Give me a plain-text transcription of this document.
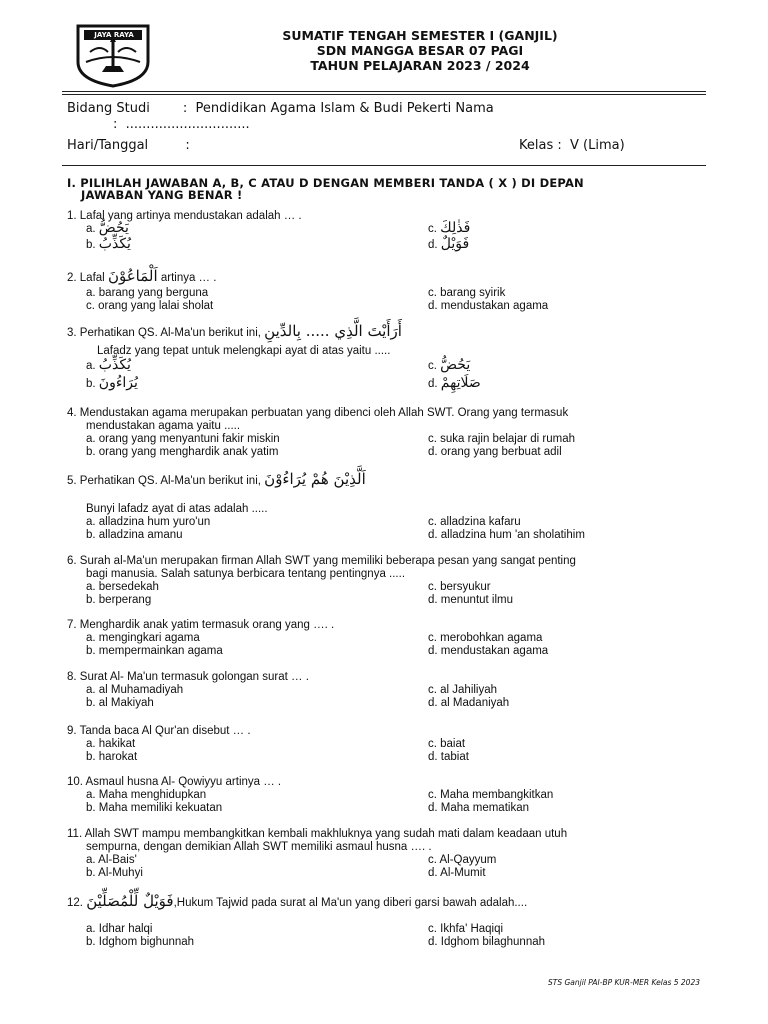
JAYA RAYA	SUMATIF TENGAH SEMESTER I (GANJIL)
SDN MANGGA BESAR 07 PAGI
TAHUN PELAJARAN 2023 / 2024
Bidang Studi        :  Pendidikan Agama Islam & Budi Pekerti Nama
:  ..............................
Hari/Tanggal         :	Kelas :  V (Lima)
I. PILIHLAH JAWABAN A, B, C ATAU D DENGAN MEMBERI TANDA ( X ) DI DEPAN
JAWABAN YANG BENAR !
1. Lafal yang artinya mendustakan adalah … .
a. يَحُضُّ
b. يُكَذِّبُ
c. فَذٰلِكَ
d. فَوَيْلٌ
2. Lafal اَلْمَاعُوْنَ artinya … .
a. barang yang berguna
c. orang yang lalai sholat
c. barang syirik
d. mendustakan agama
3. Perhatikan QS. Al-Ma'un berikut ini, أَرَأَيْتَ الَّذِي ..... بِالدِّينِ
Lafadz yang tepat untuk melengkapi ayat di atas yaitu .....
a. يُكَذِّبُ
b. يُرَاءُونَ
c. يَحُضُّ
d. صَلَاتِهِمْ
4. Mendustakan agama merupakan perbuatan yang dibenci oleh Allah SWT. Orang yang termasuk
mendustakan agama yaitu .....
a. orang yang menyantuni fakir miskin
b. orang yang menghardik anak yatim
c. suka rajin belajar di rumah
d. orang yang berbuat adil
5. Perhatikan QS. Al-Ma'un berikut ini, اَلَّذِيْنَ هُمْ يُرَاءُوْنَ
Bunyi lafadz ayat di atas adalah .....
a. alladzina hum yuro'un
b. alladzina amanu
c. alladzina kafaru
d. alladzina hum 'an sholatihim
6. Surah al-Ma'un merupakan firman Allah SWT yang memiliki beberapa pesan yang sangat penting
bagi manusia. Salah satunya berbicara tentang pentingnya .....
a. bersedekah
b. berperang
c. bersyukur
d. menuntut ilmu
7. Menghardik anak yatim termasuk orang yang …. .
a. mengingkari agama
b. mempermainkan agama
c. merobohkan agama
d. mendustakan agama
8. Surat Al- Ma'un termasuk golongan surat … .
a. al Muhamadiyah
b. al Makiyah
c. al Jahiliyah
d. al Madaniyah
9. Tanda baca Al Qur'an disebut … .
a. hakikat
b. harokat
c. baiat
d. tabiat
10. Asmaul husna Al- Qowiyyu artinya … .
a. Maha menghidupkan
b. Maha memiliki kekuatan
c. Maha membangkitkan
d. Maha mematikan
11. Allah SWT mampu membangkitkan kembali makhluknya yang sudah mati dalam keadaan utuh
sempurna, dengan demikian Allah SWT memiliki asmaul husna …. .
a. Al-Bais'
b. Al-Muhyi
c. Al-Qayyum
d. Al-Mumit
12. فَوَيْلٌ لِّلْمُصَلِّيْنَ,Hukum Tajwid pada surat al Ma'un yang diberi garsi bawah adalah....
a. Idhar halqi
b. Idghom bighunnah
c. Ikhfa' Haqiqi
d. Idghom bilaghunnah
STS Ganjil PAI-BP KUR-MER Kelas 5 2023
